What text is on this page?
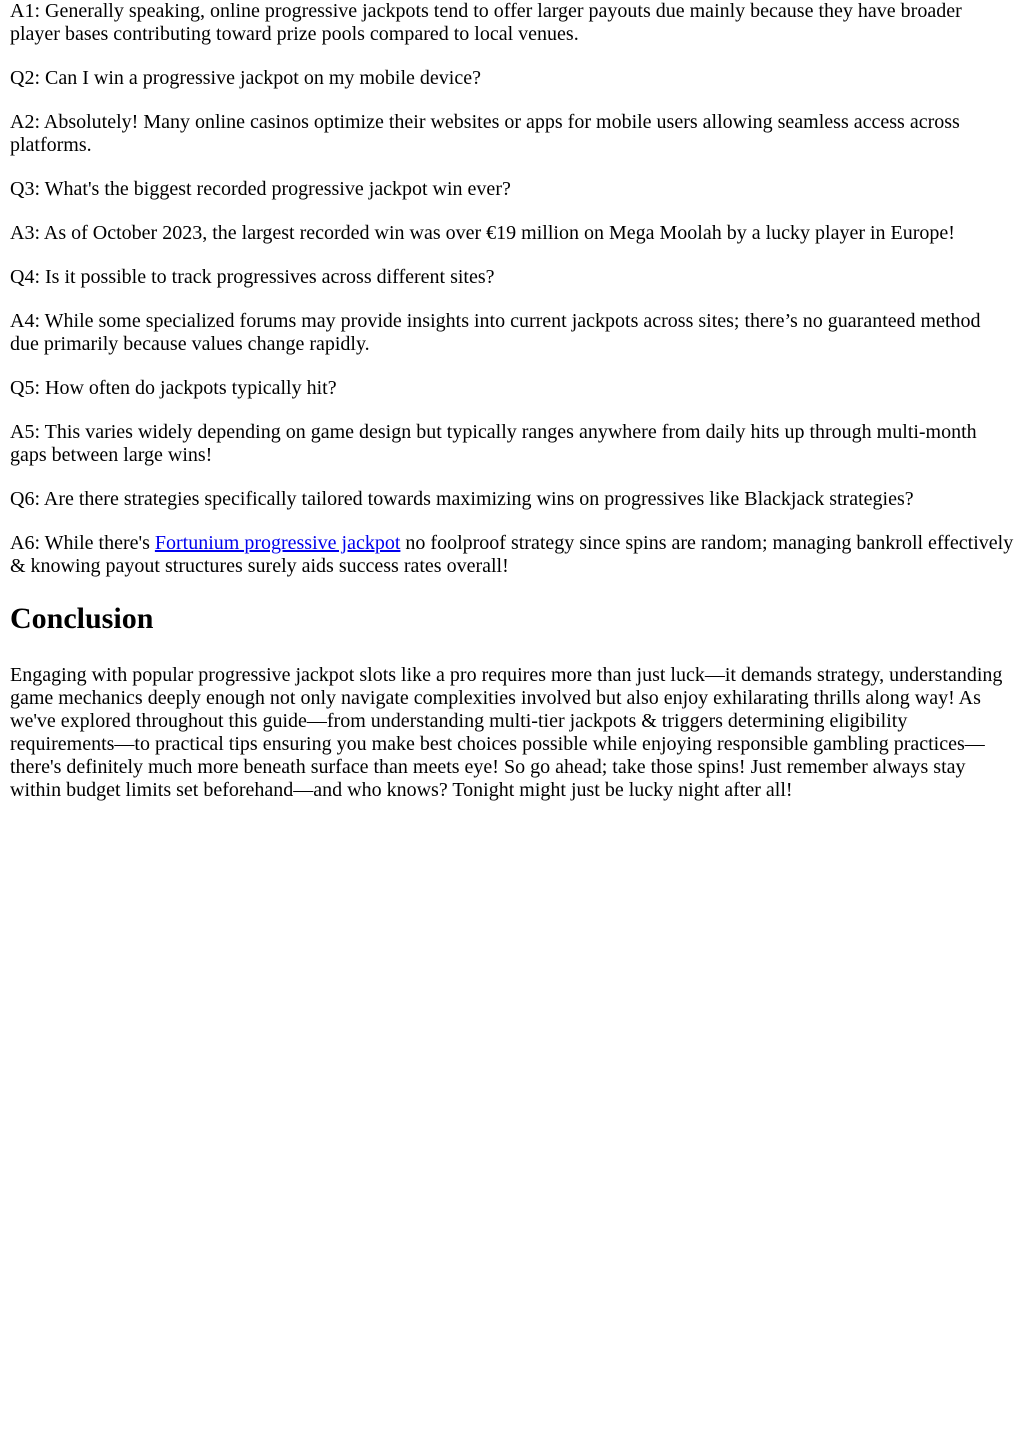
A1: Generally speaking, online progressive jackpots tend to offer larger payouts due mainly because they have broader player bases contributing toward prize pools compared to local venues.

Q2: Can I win a progressive jackpot on my mobile device?

A2: Absolutely! Many online casinos optimize their websites or apps for mobile users allowing seamless access across platforms.

Q3: What's the biggest recorded progressive jackpot win ever?

A3: As of October 2023, the largest recorded win was over €19 million on Mega Moolah by a lucky player in Europe!

Q4: Is it possible to track progressives across different sites?

A4: While some specialized forums may provide insights into current jackpots across sites; there’s no guaranteed method due primarily because values change rapidly.

Q5: How often do jackpots typically hit?

A5: This varies widely depending on game design but typically ranges anywhere from daily hits up through multi-month gaps between large wins!

Q6: Are there strategies specifically tailored towards maximizing wins on progressives like Blackjack strategies?

A6: While there's Fortunium progressive jackpot no foolproof strategy since spins are random; managing bankroll effectively & knowing payout structures surely aids success rates overall!

Conclusion

Engaging with popular progressive jackpot slots like a pro requires more than just luck—it demands strategy, understanding game mechanics deeply enough not only navigate complexities involved but also enjoy exhilarating thrills along way! As we've explored throughout this guide—from understanding multi-tier jackpots & triggers determining eligibility requirements—to practical tips ensuring you make best choices possible while enjoying responsible gambling practices—there's definitely much more beneath surface than meets eye! So go ahead; take those spins! Just remember always stay within budget limits set beforehand—and who knows? Tonight might just be lucky night after all!
